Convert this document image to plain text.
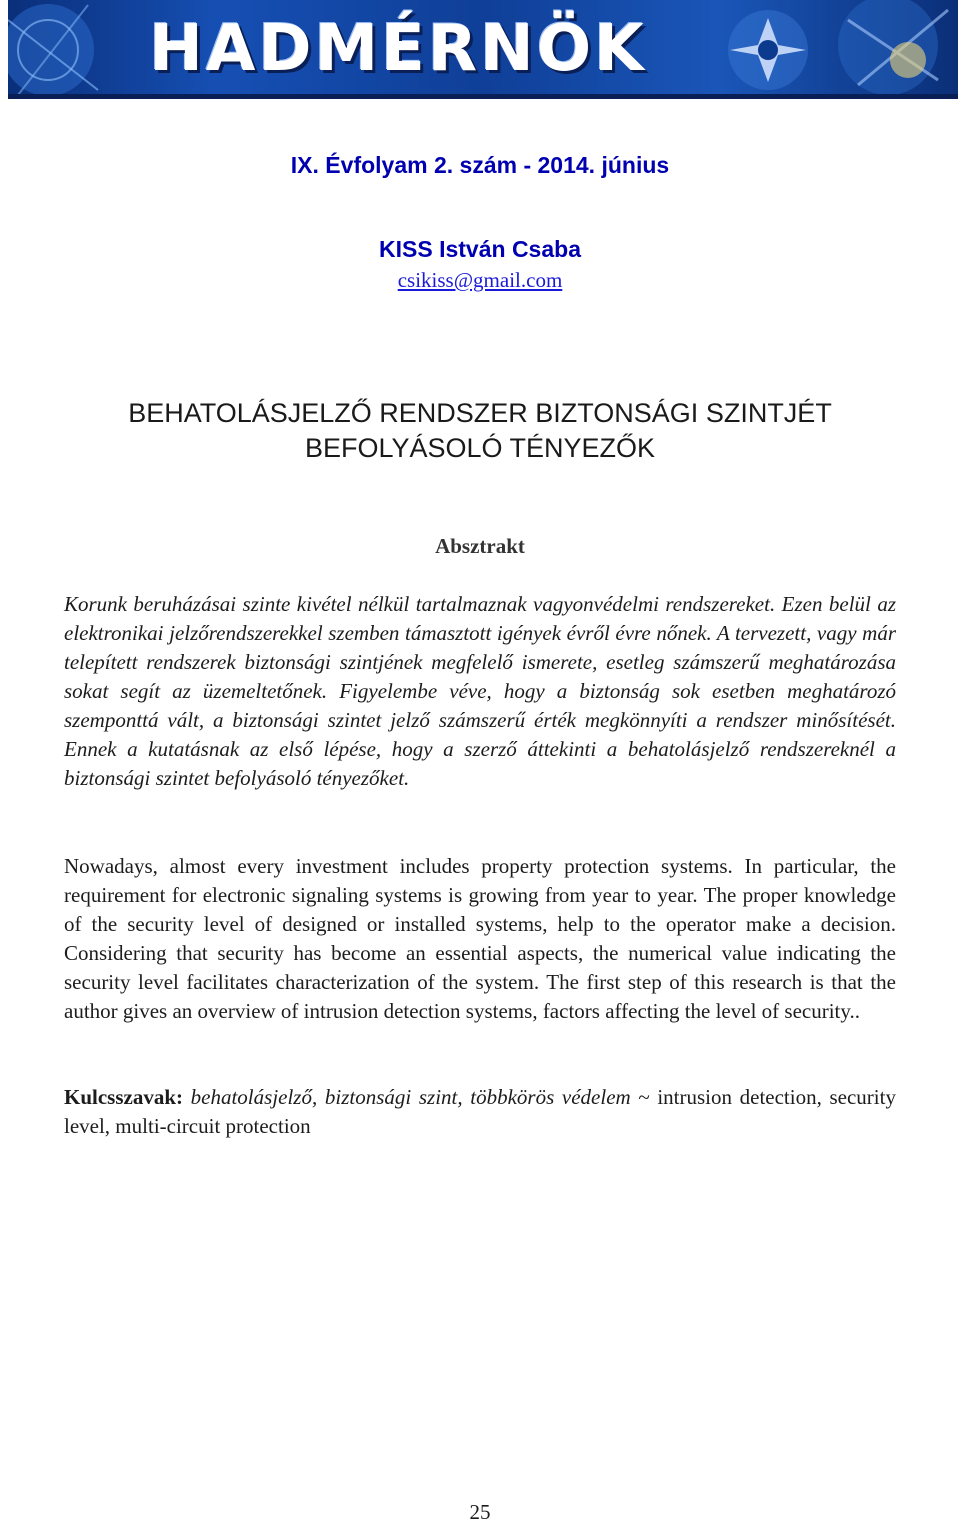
HADMÉRNÖK
IX. Évfolyam 2. szám - 2014. június
KISS István Csaba
csikiss@gmail.com
BEHATOLÁSJELZŐ RENDSZER BIZTONSÁGI SZINTJÉT
BEFOLYÁSOLÓ TÉNYEZŐK
Absztrakt

Korunk beruházásai szinte kivétel nélkül tartalmaznak vagyonvédelmi rendszereket. Ezen belül az elektronikai jelzőrendszerekkel szemben támasztott igények évről évre nőnek. A tervezett, vagy már telepített rendszerek biztonsági szintjének megfelelő ismerete, esetleg számszerű meghatározása sokat segít az üzemeltetőnek. Figyelembe véve, hogy a biztonság sok esetben meghatározó szemponttá vált, a biztonsági szintet jelző számszerű érték megkönnyíti a rendszer minősítését. Ennek a kutatásnak az első lépése, hogy a szerző áttekinti a behatolásjelző rendszereknél a biztonsági szintet befolyásoló tényezőket.

Nowadays, almost every investment includes property protection systems. In particular, the requirement for electronic signaling systems is growing from year to year. The proper knowledge of the security level of designed or installed systems, help to the operator make a decision. Considering that security has become an essential aspects, the numerical value indicating the security level facilitates characterization of the system. The first step of this research is that the author gives an overview of intrusion detection systems, factors affecting the level of security..

Kulcsszavak: behatolásjelző, biztonsági szint, többkörös védelem ~ intrusion detection, security level, multi-circuit protection

25
